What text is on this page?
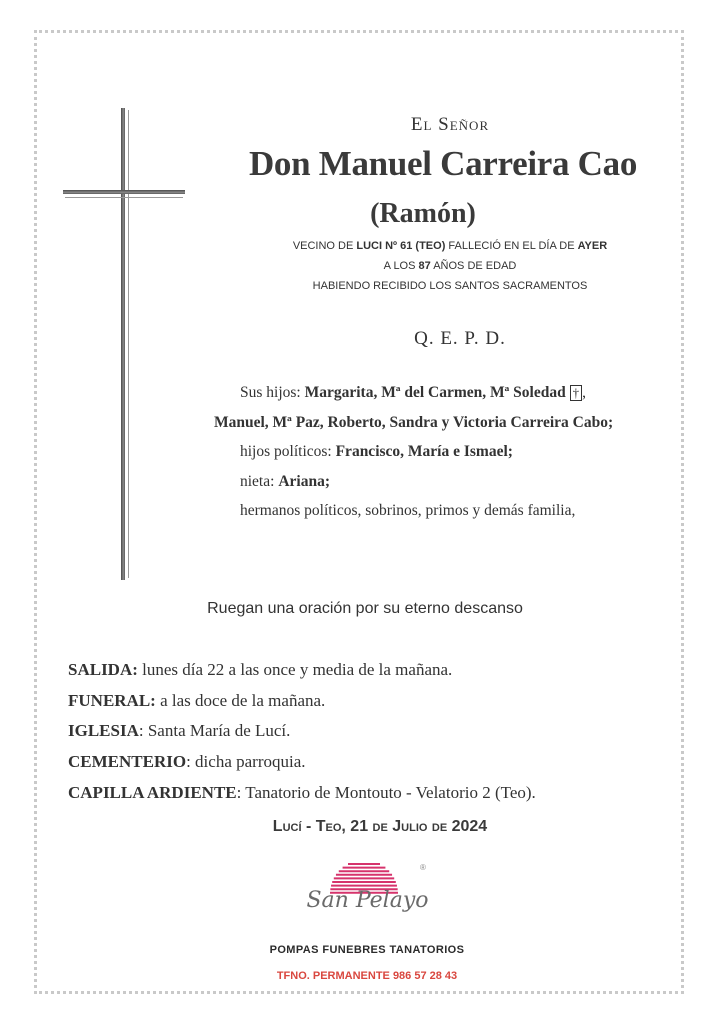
El Señor
Don Manuel Carreira Cao
(Ramón)
VECINO DE LUCI Nº 61 (TEO) FALLECIÓ EN EL DÍA DE AYER
A LOS 87 AÑOS DE EDAD
HABIENDO RECIBIDO LOS SANTOS SACRAMENTOS
Q. E. P. D.
Sus hijos: Margarita, Mª del Carmen, Mª Soledad † ,
Manuel, Mª Paz, Roberto, Sandra y Victoria Carreira Cabo;
hijos políticos: Francisco, María e Ismael;
nieta: Ariana;
hermanos políticos, sobrinos, primos y demás familia,
Ruegan una oración por su eterno descanso
SALIDA: lunes día 22 a las once y media de la mañana.
FUNERAL: a las doce de la mañana.
IGLESIA: Santa María de Lucí.
CEMENTERIO: dicha parroquia.
CAPILLA ARDIENTE: Tanatorio de Montouto - Velatorio 2 (Teo).
Lucí - Teo, 21 de Julio de 2024
®
San Pelayo
POMPAS FUNEBRES TANATORIOS
TFNO. PERMANENTE 986 57 28 43
